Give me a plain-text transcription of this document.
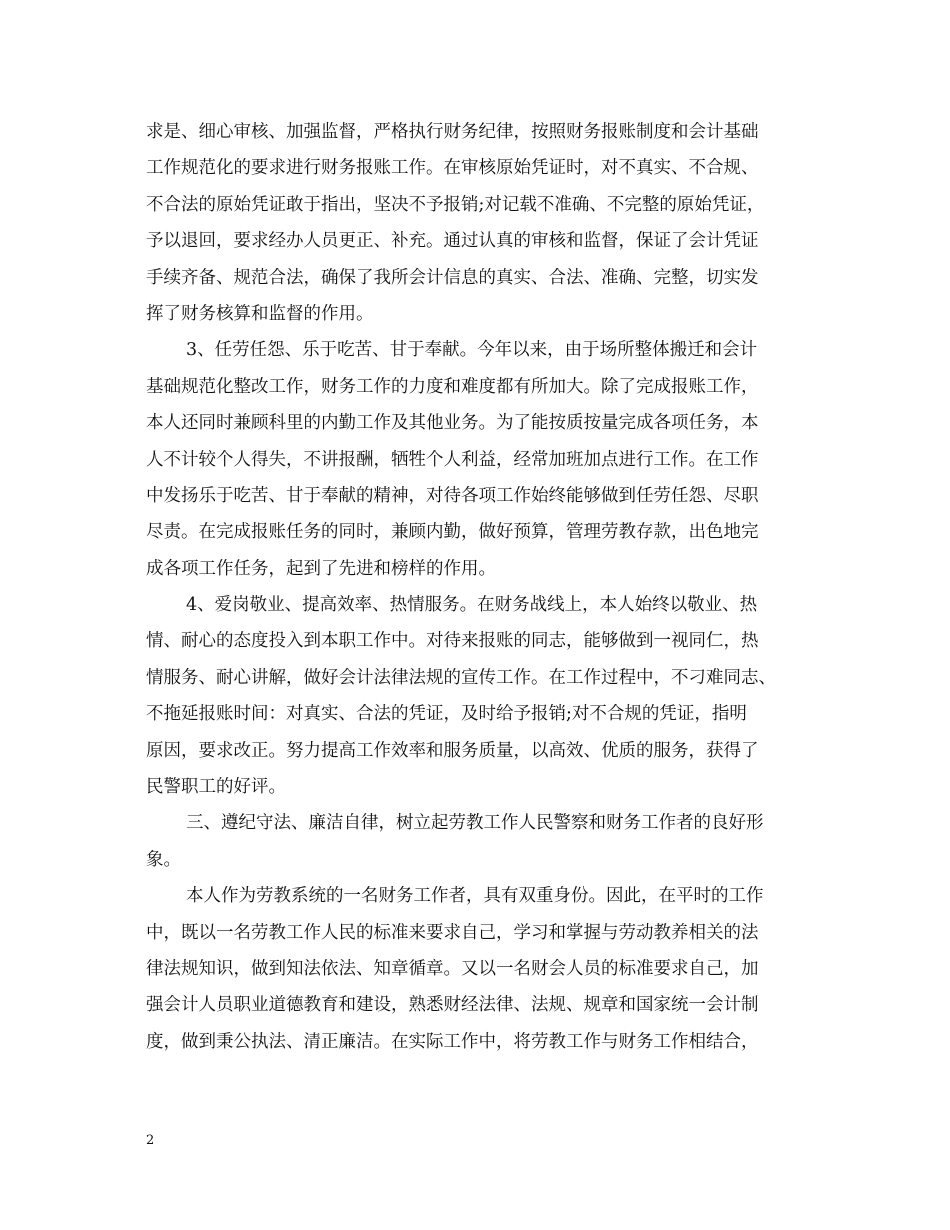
求是、细心审核、加强监督，严格执行财务纪律，按照财务报账制度和会计基础
工作规范化的要求进行财务报账工作。在审核原始凭证时，对不真实、不合规、
不合法的原始凭证敢于指出，坚决不予报销;对记载不准确、不完整的原始凭证，
予以退回，要求经办人员更正、补充。通过认真的审核和监督，保证了会计凭证
手续齐备、规范合法，确保了我所会计信息的真实、合法、准确、完整，切实发
挥了财务核算和监督的作用。
3、任劳任怨、乐于吃苦、甘于奉献。今年以来，由于场所整体搬迁和会计
基础规范化整改工作，财务工作的力度和难度都有所加大。除了完成报账工作，
本人还同时兼顾科里的内勤工作及其他业务。为了能按质按量完成各项任务，本
人不计较个人得失，不讲报酬，牺牲个人利益，经常加班加点进行工作。在工作
中发扬乐于吃苦、甘于奉献的精神，对待各项工作始终能够做到任劳任怨、尽职
尽责。在完成报账任务的同时，兼顾内勤，做好预算，管理劳教存款，出色地完
成各项工作任务，起到了先进和榜样的作用。
4、爱岗敬业、提高效率、热情服务。在财务战线上，本人始终以敬业、热
情、耐心的态度投入到本职工作中。对待来报账的同志，能够做到一视同仁，热
情服务、耐心讲解，做好会计法律法规的宣传工作。在工作过程中，不刁难同志、
不拖延报账时间：对真实、合法的凭证，及时给予报销;对不合规的凭证，指明
原因，要求改正。努力提高工作效率和服务质量，以高效、优质的服务，获得了
民警职工的好评。
三、遵纪守法、廉洁自律，树立起劳教工作人民警察和财务工作者的良好形
象。
本人作为劳教系统的一名财务工作者，具有双重身份。因此，在平时的工作
中，既以一名劳教工作人民的标准来要求自己，学习和掌握与劳动教养相关的法
律法规知识，做到知法依法、知章循章。又以一名财会人员的标准要求自己，加
强会计人员职业道德教育和建设，熟悉财经法律、法规、规章和国家统一会计制
度，做到秉公执法、清正廉洁。在实际工作中，将劳教工作与财务工作相结合，
2
